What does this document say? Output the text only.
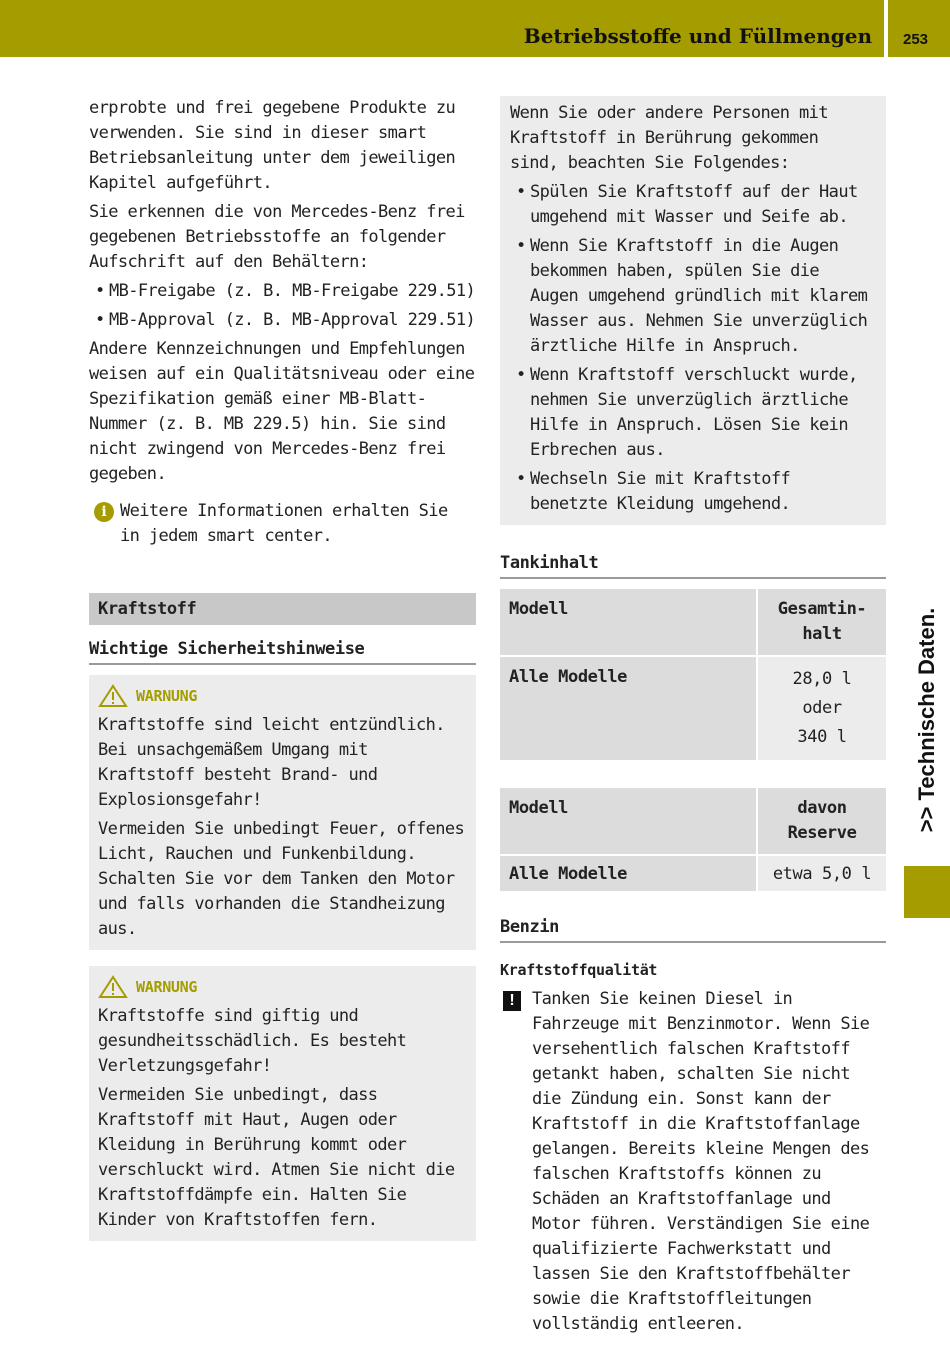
Betriebsstoffe und Füllmengen 253
>> Technische Daten.

erprobte und frei gegebene Produkte zu verwenden. Sie sind in dieser smart Betriebsanleitung unter dem jeweiligen Kapitel aufgeführt.

Sie erkennen die von Mercedes-Benz frei gegebenen Betriebsstoffe an folgender Aufschrift auf den Behältern:

• MB-Freigabe (z. B. MB-Freigabe 229.51)
• MB-Approval (z. B. MB-Approval 229.51)

Andere Kennzeichnungen und Empfehlungen weisen auf ein Qualitätsniveau oder eine Spezifikation gemäß einer MB-Blatt-Nummer (z. B. MB 229.5) hin. Sie sind nicht zwingend von Mercedes-Benz frei gegeben.

i Weitere Informationen erhalten Sie in jedem smart center.

Kraftstoff
Wichtige Sicherheitshinweise
WARNUNG

Kraftstoffe sind leicht entzündlich. Bei unsachgemäßem Umgang mit Kraftstoff besteht Brand- und Explosionsgefahr!

Vermeiden Sie unbedingt Feuer, offenes Licht, Rauchen und Funkenbildung. Schalten Sie vor dem Tanken den Motor und falls vorhanden die Standheizung aus.

WARNUNG

Kraftstoffe sind giftig und gesundheitsschädlich. Es besteht Verletzungsgefahr!

Vermeiden Sie unbedingt, dass Kraftstoff mit Haut, Augen oder Kleidung in Berührung kommt oder verschluckt wird. Atmen Sie nicht die Kraftstoffdämpfe ein. Halten Sie Kinder von Kraftstoffen fern.

Wenn Sie oder andere Personen mit Kraftstoff in Berührung gekommen sind, beachten Sie Folgendes:

• Spülen Sie Kraftstoff auf der Haut umgehend mit Wasser und Seife ab.
• Wenn Sie Kraftstoff in die Augen bekommen haben, spülen Sie die Augen umgehend gründlich mit klarem Wasser aus. Nehmen Sie unverzüglich ärztliche Hilfe in Anspruch.
• Wenn Kraftstoff verschluckt wurde, nehmen Sie unverzüglich ärztliche Hilfe in Anspruch. Lösen Sie kein Erbrechen aus.
• Wechseln Sie mit Kraftstoff benetzte Kleidung umgehend.
Tankinhalt
Modell	Gesamtin-
halt

Alle Modelle	28,0 l
oder
340 l
Modell	davon
Reserve

Alle Modelle	etwa 5,0 l
Benzin
Kraftstoffqualität
!	Tanken Sie keinen Diesel in Fahrzeuge mit Benzinmotor. Wenn Sie versehentlich falschen Kraftstoff getankt haben, schalten Sie nicht die Zündung ein. Sonst kann der Kraftstoff in die Kraftstoffanlage gelangen. Bereits kleine Mengen des falschen Kraftstoffs können zu Schäden an Kraftstoffanlage und Motor führen. Verständigen Sie eine qualifizierte Fachwerkstatt und lassen Sie den Kraftstoffbehälter sowie die Kraftstoffleitungen vollständig entleeren.
